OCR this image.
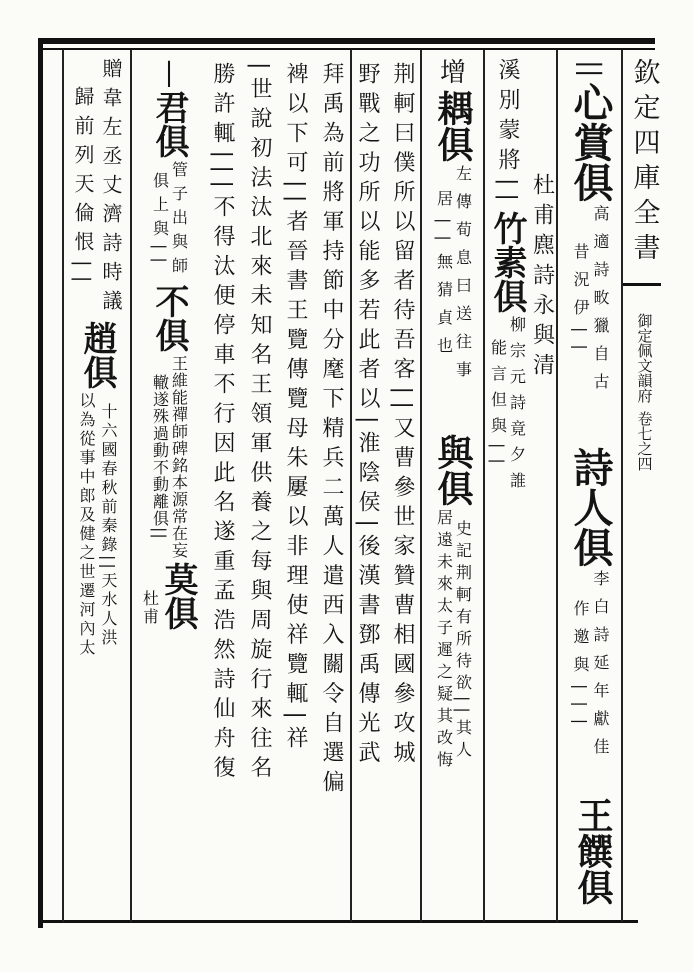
欽定四庫全書
御定佩文韻府
卷七之四
||
心賞俱
高適詩畋獵自古
昔況伊||
詩人俱
李白詩延年獻佳
作邀與|||
王饌俱
杜甫麃詩永與清
溪別蒙將||
竹素俱
柳宗元詩竟夕誰
能言但與||
增
耦俱
左傳荀息曰送往事
居||無猜貞也
與俱
史記荆軻有所待欲||其人
居遠未來太子遲之疑其改悔
荆軻曰僕所以留者待吾客||又曹參世家贊曹相國參攻城
野戰之功所以能多若此者以|淮陰侯|後漢書鄧禹傳光武
拜禹為前將軍持節中分麾下精兵二萬人遣西入關令自選偏
裨以下可||者晉書王覽傳覽母朱屢以非理使祥覽輒|祥
|世說初法汰北來未知名王領軍供養之每與周旋行來往名
勝許輒|||不得汰便停車不行因此名遂重孟浩然詩仙舟復
|
君俱
管子出與師
俱上與||
不俱
王維能禪師碑銘本源常在妄
轍遂殊過動不動離俱||
莫俱
杜
甫
贈韋左丞丈濟詩時議
歸前列天倫恨||
趙俱
十六國春秋前秦錄||天水人洪
以為從事中郎及健之世遷河內太
